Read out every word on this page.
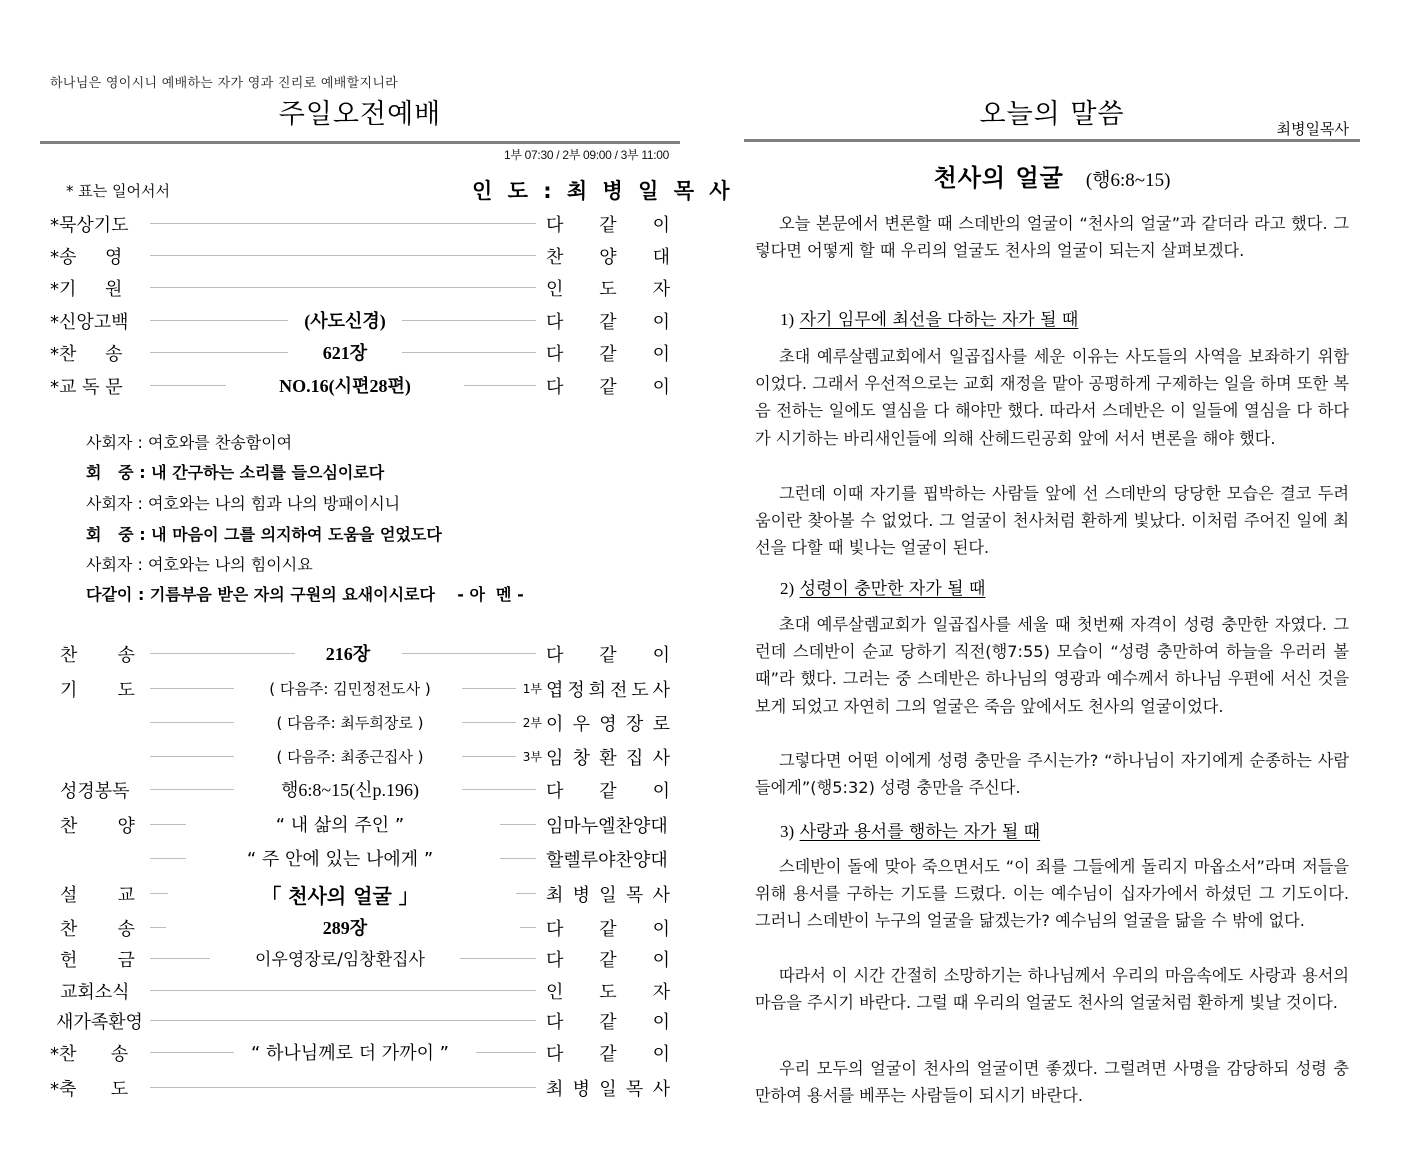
하나님은 영이시니 예배하는 자가 영과 진리로 예배할지니라
주일오전예배
1부 07:30 / 2부 09:00 / 3부 11:00
* 표는 일어서서	인 도 : 최 병 일 목 사
*묵상기도	다 같 이
*송     영	찬 양 대
*기     원	인 도 자
*신앙고백	(사도신경)	다 같 이
*찬     송	621장	다 같 이
*교 독 문	NO.16(시편28편)	다 같 이
사회자 : 여호와를 찬송함이여
회   중 : 내 간구하는 소리를 들으심이로다
사회자 : 여호와는 나의 힘과 나의 방패이시니
회   중 : 내 마음이 그를 의지하여 도움을 얻었도다
사회자 : 여호와는 나의 힘이시요
다같이 : 기름부음 받은 자의 구원의 요새이시로다    - 아  멘 -
찬       송	216장	다 같 이
기       도	( 다음주: 김민정전도사 )	1부 엽 정 희 전 도 사
( 다음주: 최두희장로 )	2부 이 우 영 장 로
( 다음주: 최종근집사 )	3부 임 창 환 집 사
성경봉독	행6:8~15(신p.196)	다 같 이
찬       양	“ 내 삶의 주인 ”	임마누엘찬양대
“ 주 안에 있는 나에게 ”	할렐루야찬양대
설       교	「 천사의 얼굴 」	최 병 일 목 사
찬       송	289장	다 같 이
헌       금	이우영장로/임창환집사	다 같 이
교회소식	인 도 자
새가족환영	다 같 이
*찬      송	“ 하나님께로 더 가까이 ”	다 같 이
*축      도	최 병 일 목 사
오늘의 말씀	최병일목사
천사의 얼굴 (행6:8~15)
오늘 본문에서 변론할 때 스데반의 얼굴이 “천사의 얼굴”과 같더라 라고 했다. 그렇다면 어떻게 할 때 우리의 얼굴도 천사의 얼굴이 되는지 살펴보겠다.
1) 자기 임무에 최선을 다하는 자가 될 때
초대 예루살렘교회에서 일곱집사를 세운 이유는 사도들의 사역을 보좌하기 위함이었다. 그래서 우선적으로는 교회 재정을 맡아 공평하게 구제하는 일을 하며 또한 복음 전하는 일에도 열심을 다 해야만 했다. 따라서 스데반은 이 일들에 열심을 다 하다가 시기하는 바리새인들에 의해 산헤드린공회 앞에 서서 변론을 해야 했다.
그런데 이때 자기를 핍박하는 사람들 앞에 선 스데반의 당당한 모습은 결코 두려움이란 찾아볼 수 없었다. 그 얼굴이 천사처럼 환하게 빛났다. 이처럼 주어진 일에 최선을 다할 때 빛나는 얼굴이 된다.
2) 성령이 충만한 자가 될 때
초대 예루살렘교회가 일곱집사를 세울 때 첫번째 자격이 성령 충만한 자였다. 그런데 스데반이 순교 당하기 직전(행7:55) 모습이 “성령 충만하여 하늘을 우러러 볼 때”라 했다. 그러는 중 스데반은 하나님의 영광과 예수께서 하나님 우편에 서신 것을 보게 되었고 자연히 그의 얼굴은 죽음 앞에서도 천사의 얼굴이었다.
그렇다면 어떤 이에게 성령 충만을 주시는가? “하나님이 자기에게 순종하는 사람들에게”(행5:32) 성령 충만을 주신다.
3) 사랑과 용서를 행하는 자가 될 때
스데반이 돌에 맞아 죽으면서도 “이 죄를 그들에게 돌리지 마옵소서”라며 저들을 위해 용서를 구하는 기도를 드렸다. 이는 예수님이 십자가에서 하셨던 그 기도이다. 그러니 스데반이 누구의 얼굴을 닮겠는가? 예수님의 얼굴을 닮을 수 밖에 없다.
따라서 이 시간 간절히 소망하기는 하나님께서 우리의 마음속에도 사랑과 용서의 마음을 주시기 바란다. 그럴 때 우리의 얼굴도 천사의 얼굴처럼 환하게 빛날 것이다.
우리 모두의 얼굴이 천사의 얼굴이면 좋겠다. 그럴려면 사명을 감당하되 성령 충만하여 용서를 베푸는 사람들이 되시기 바란다.
